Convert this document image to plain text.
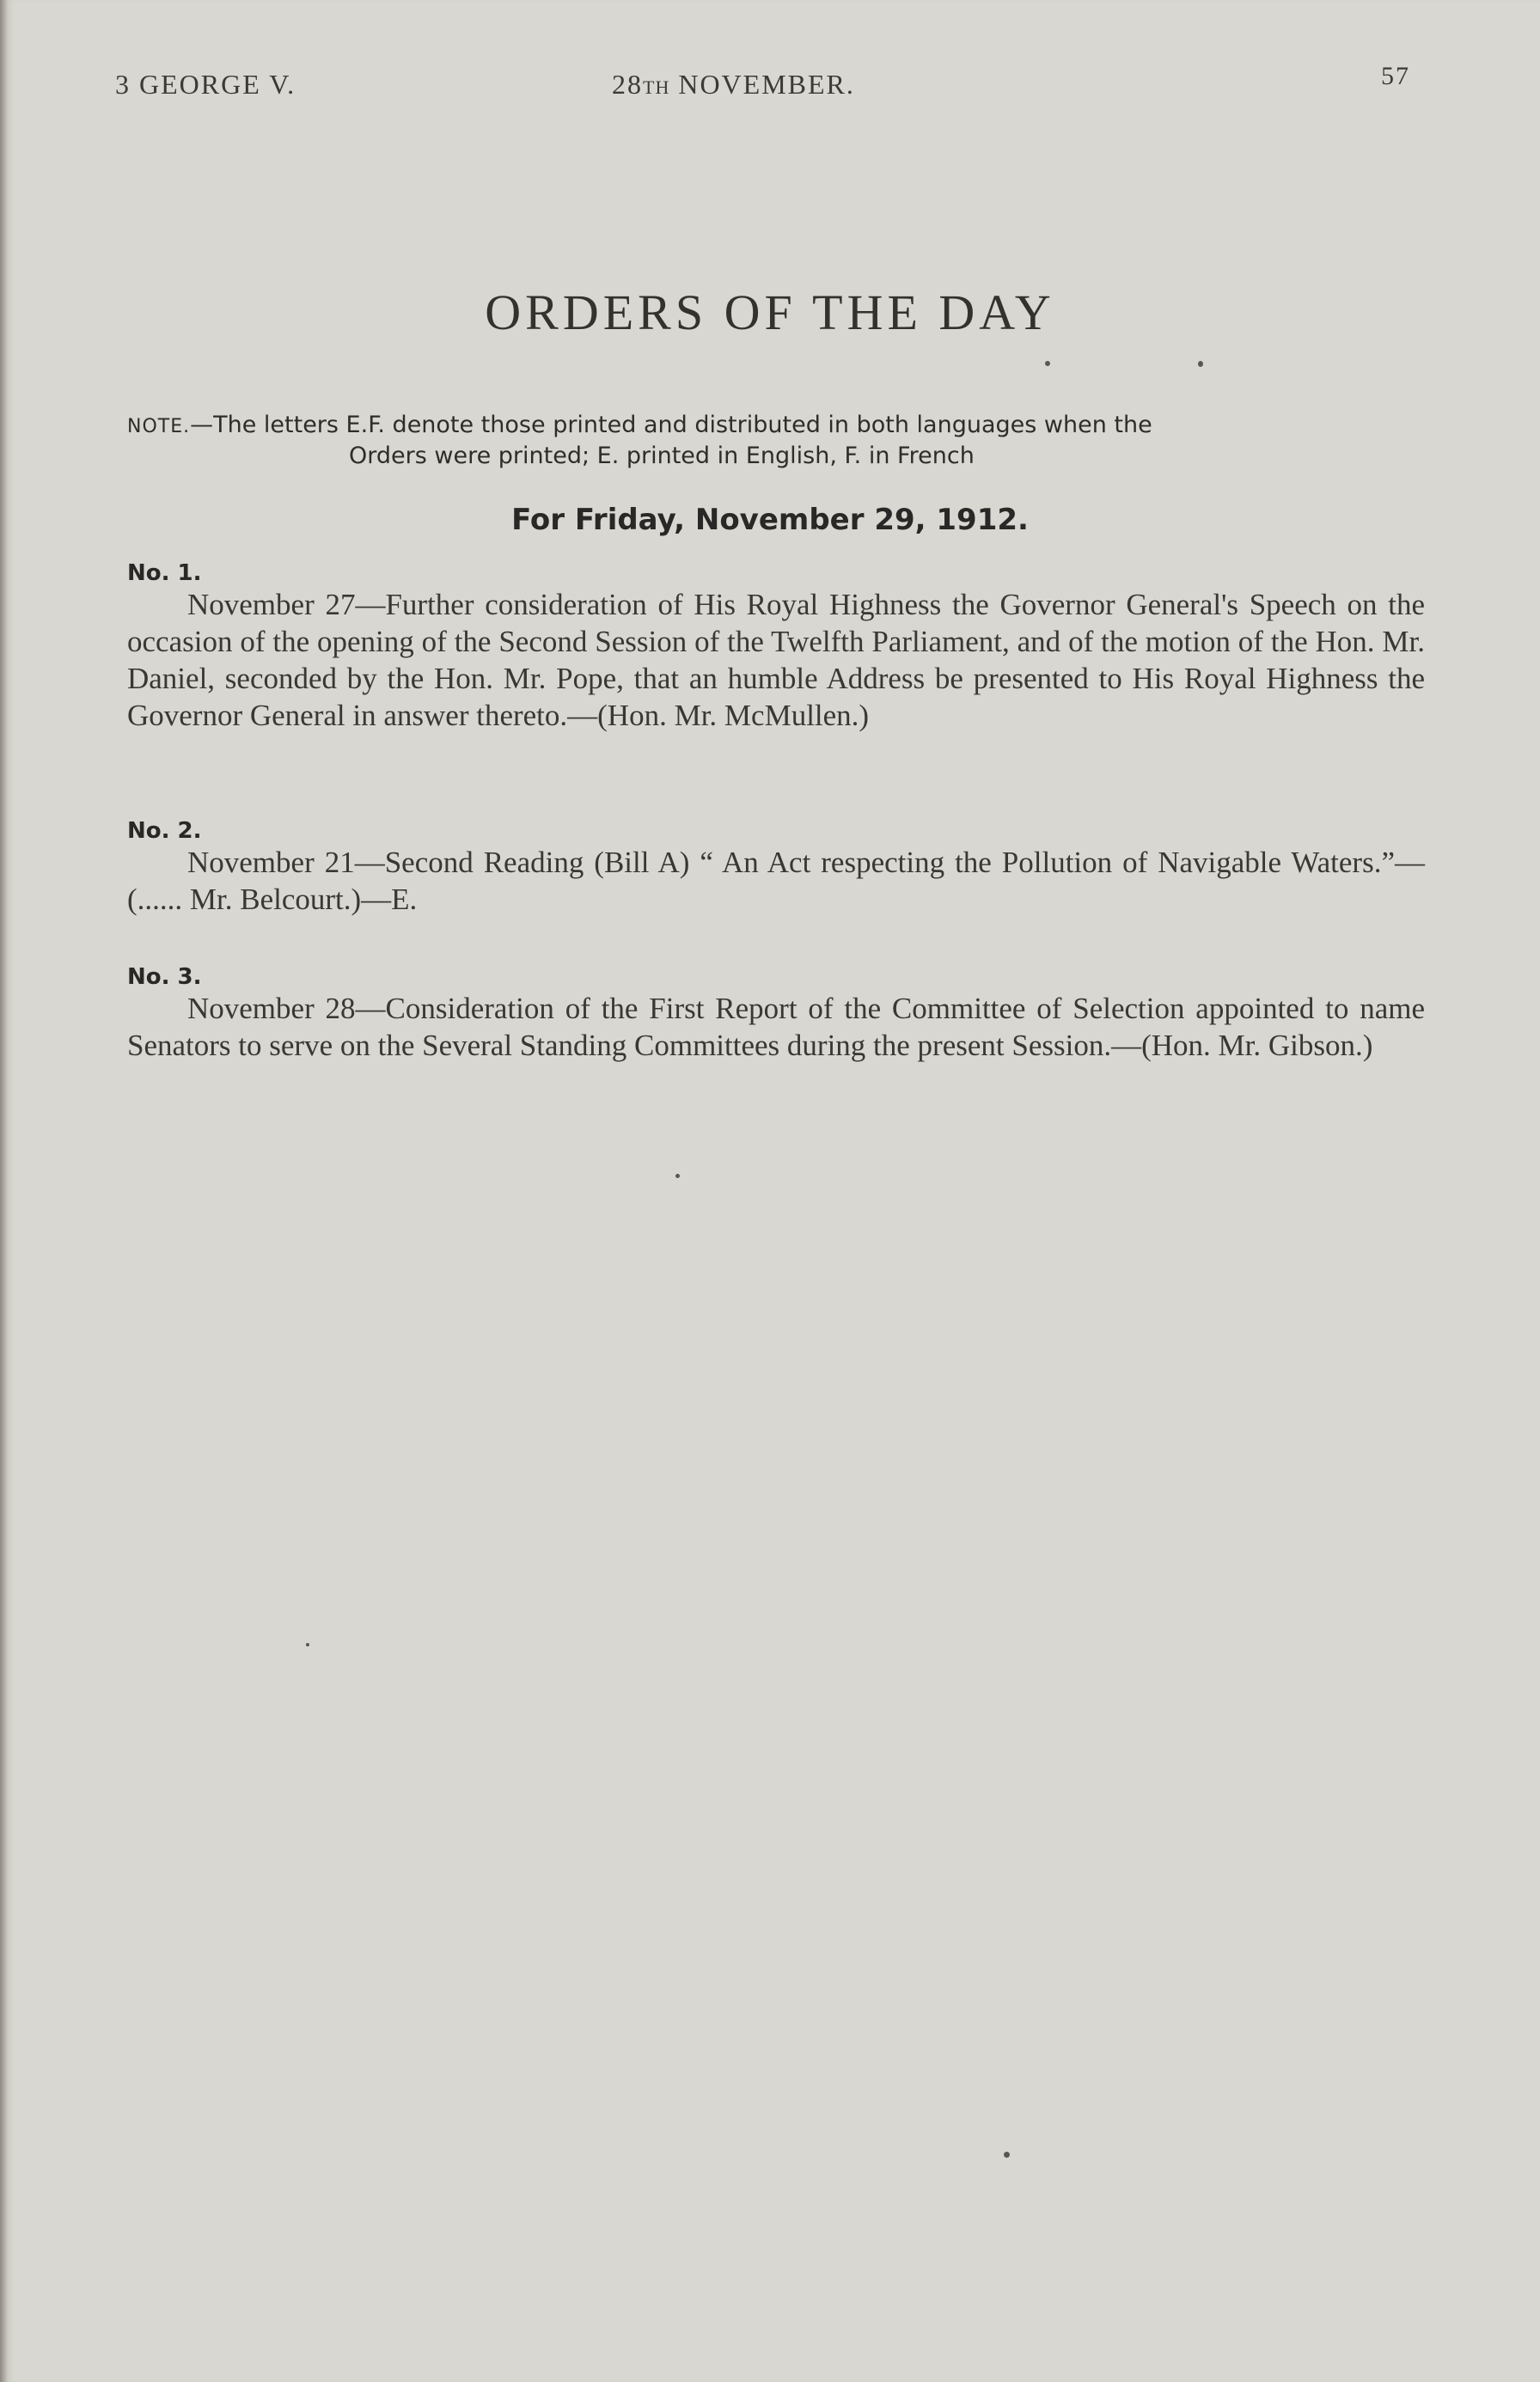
3 GEORGE V.	28TH NOVEMBER.	57
ORDERS OF THE DAY
NOTE.—The letters E.F. denote those printed and distributed in both languages when the
Orders were printed; E. printed in English, F. in French
For Friday, November 29, 1912.
No. 1.

November 27—Further consideration of His Royal Highness the Governor General's Speech on the occasion of the opening of the Second Session of the Twelfth Parliament, and of the motion of the Hon. Mr. Daniel, seconded by the Hon. Mr. Pope, that an humble Address be presented to His Royal Highness the Governor General in answer thereto.—(Hon. Mr. McMullen.)

No. 2.

November 21—Second Reading (Bill A) “ An Act respecting the Pollution of Navigable Waters.”—(...... Mr. Belcourt.)—E.

No. 3.

November 28—Consideration of the First Report of the Committee of Selection appointed to name Senators to serve on the Several Standing Committees during the present Session.—(Hon. Mr. Gibson.)
